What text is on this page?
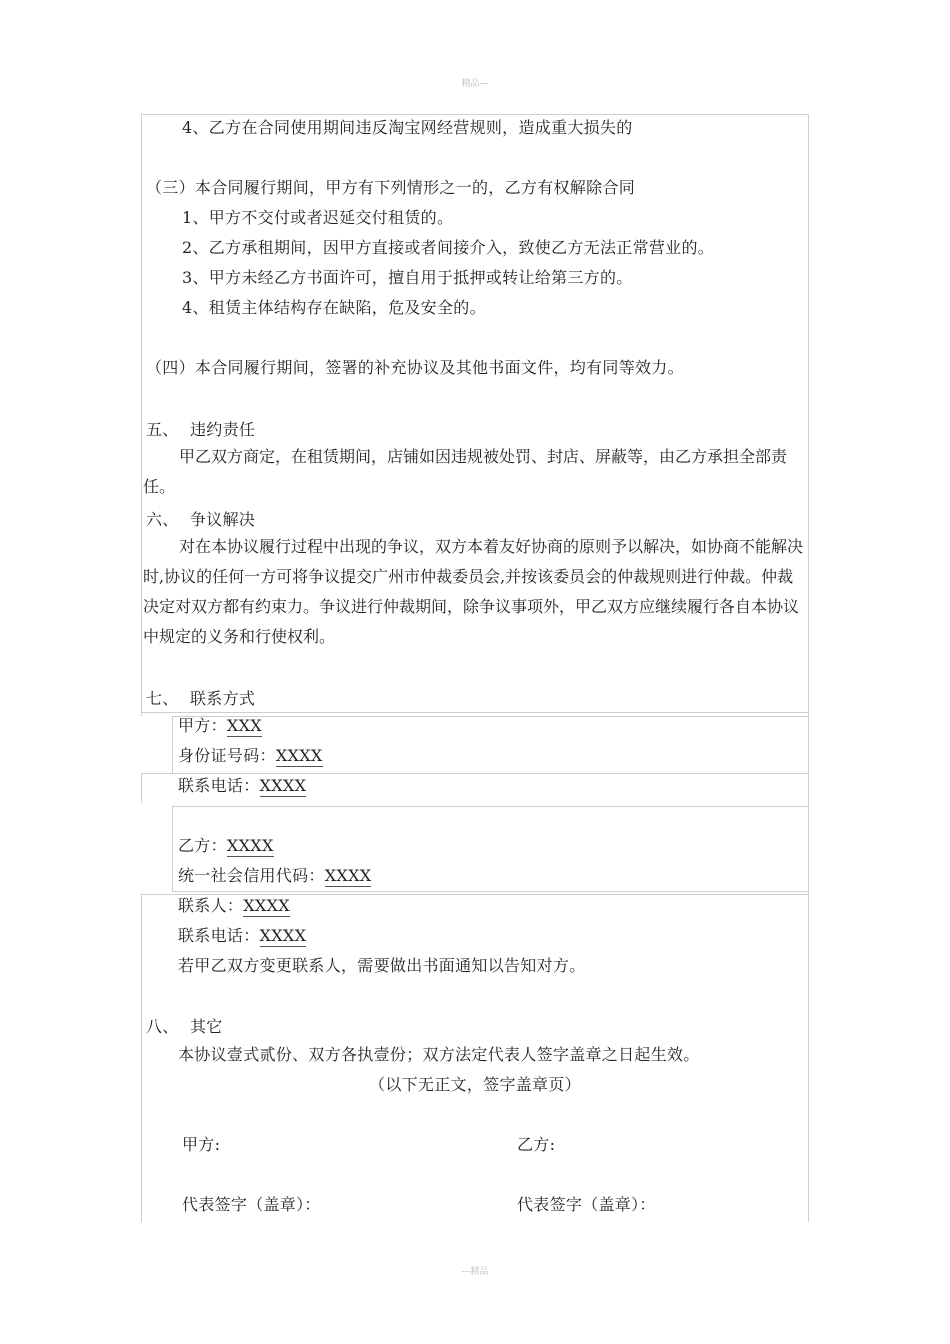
精品---
4、乙方在合同使用期间违反淘宝网经营规则，造成重大损失的
（三）本合同履行期间，甲方有下列情形之一的，乙方有权解除合同
1、甲方不交付或者迟延交付租赁的。
2、乙方承租期间，因甲方直接或者间接介入，致使乙方无法正常营业的。
3、甲方未经乙方书面许可，擅自用于抵押或转让给第三方的。
4、租赁主体结构存在缺陷，危及安全的。
（四）本合同履行期间，签署的补充协议及其他书面文件，均有同等效力。
五、 违约责任
甲乙双方商定，在租赁期间，店铺如因违规被处罚、封店、屏蔽等，由乙方承担全部责任。
六、 争议解决
对在本协议履行过程中出现的争议，双方本着友好协商的原则予以解决，如协商不能解决时,协议的任何一方可将争议提交广州市仲裁委员会,并按该委员会的仲裁规则进行仲裁。仲裁决定对双方都有约束力。争议进行仲裁期间，除争议事项外，甲乙双方应继续履行各自本协议中规定的义务和行使权利。
七、 联系方式
甲方：XXX
身份证号码：XXXX
联系电话：XXXX
乙方：XXXX
统一社会信用代码：XXXX
联系人：XXXX
联系电话：XXXX
若甲乙双方变更联系人，需要做出书面通知以告知对方。
八、 其它
本协议壹式贰份、双方各执壹份；双方法定代表人签字盖章之日起生效。
（以下无正文，签字盖章页）
甲方:	乙方:
代表签字（盖章）：	代表签字（盖章）：
---精品
